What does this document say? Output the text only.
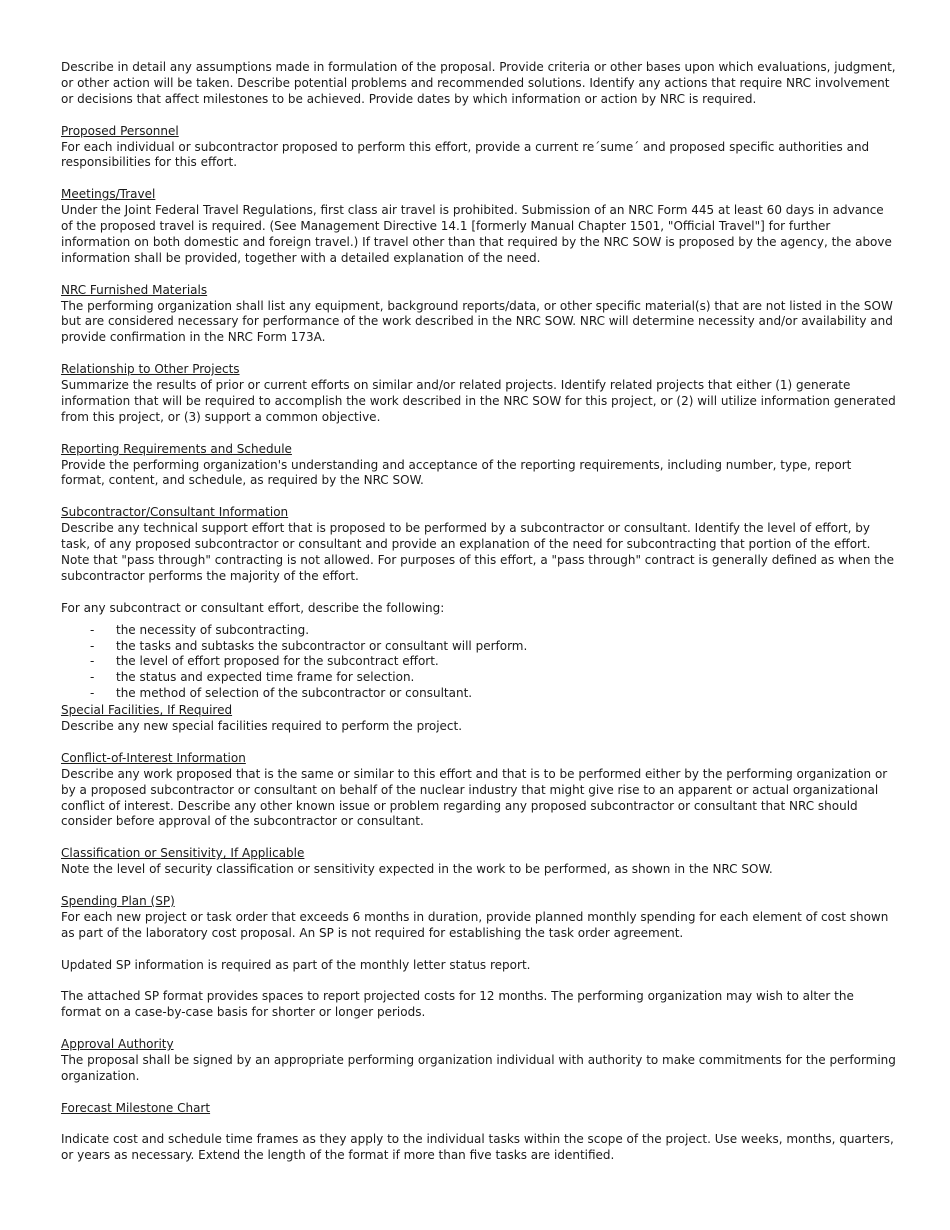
Describe in detail any assumptions made in formulation of the proposal. Provide criteria or other bases upon which evaluations, judgment, or other action will be taken. Describe potential problems and recommended solutions. Identify any actions that require NRC involvement or decisions that affect milestones to be achieved. Provide dates by which information or action by NRC is required.

Proposed Personnel
For each individual or subcontractor proposed to perform this effort, provide a current re´sume´ and proposed specific authorities and responsibilities for this effort.
Meetings/Travel
Under the Joint Federal Travel Regulations, first class air travel is prohibited. Submission of an NRC Form 445 at least 60 days in advance of the proposed travel is required. (See Management Directive 14.1 [formerly Manual Chapter 1501, "Official Travel"] for further information on both domestic and foreign travel.) If travel other than that required by the NRC SOW is proposed by the agency, the above information shall be provided, together with a detailed explanation of the need.
NRC Furnished Materials
The performing organization shall list any equipment, background reports/data, or other specific material(s) that are not listed in the SOW but are considered necessary for performance of the work described in the NRC SOW. NRC will determine necessity and/or availability and provide confirmation in the NRC Form 173A.
Relationship to Other Projects
Summarize the results of prior or current efforts on similar and/or related projects. Identify related projects that either (1) generate information that will be required to accomplish the work described in the NRC SOW for this project, or (2) will utilize information generated from this project, or (3) support a common objective.
Reporting Requirements and Schedule
Provide the performing organization's understanding and acceptance of the reporting requirements, including number, type, report format, content, and schedule, as required by the NRC SOW.
Subcontractor/Consultant Information
Describe any technical support effort that is proposed to be performed by a subcontractor or consultant. Identify the level of effort, by task, of any proposed subcontractor or consultant and provide an explanation of the need for subcontracting that portion of the effort. Note that "pass through" contracting is not allowed. For purposes of this effort, a "pass through" contract is generally defined as when the subcontractor performs the majority of the effort.

For any subcontract or consultant effort, describe the following:

- the necessity of subcontracting.
- the tasks and subtasks the subcontractor or consultant will perform.
- the level of effort proposed for the subcontract effort.
- the status and expected time frame for selection.
- the method of selection of the subcontractor or consultant.
Special Facilities, If Required
Describe any new special facilities required to perform the project.
Conflict-of-Interest Information
Describe any work proposed that is the same or similar to this effort and that is to be performed either by the performing organization or by a proposed subcontractor or consultant on behalf of the nuclear industry that might give rise to an apparent or actual organizational conflict of interest. Describe any other known issue or problem regarding any proposed subcontractor or consultant that NRC should consider before approval of the subcontractor or consultant.
Classification or Sensitivity, If Applicable
Note the level of security classification or sensitivity expected in the work to be performed, as shown in the NRC SOW.
Spending Plan (SP)
For each new project or task order that exceeds 6 months in duration, provide planned monthly spending for each element of cost shown as part of the laboratory cost proposal. An SP is not required for establishing the task order agreement.

Updated SP information is required as part of the monthly letter status report.

The attached SP format provides spaces to report projected costs for 12 months. The performing organization may wish to alter the format on a case-by-case basis for shorter or longer periods.

Approval Authority
The proposal shall be signed by an appropriate performing organization individual with authority to make commitments for the performing organization.
Forecast Milestone Chart

Indicate cost and schedule time frames as they apply to the individual tasks within the scope of the project. Use weeks, months, quarters, or years as necessary. Extend the length of the format if more than five tasks are identified.
